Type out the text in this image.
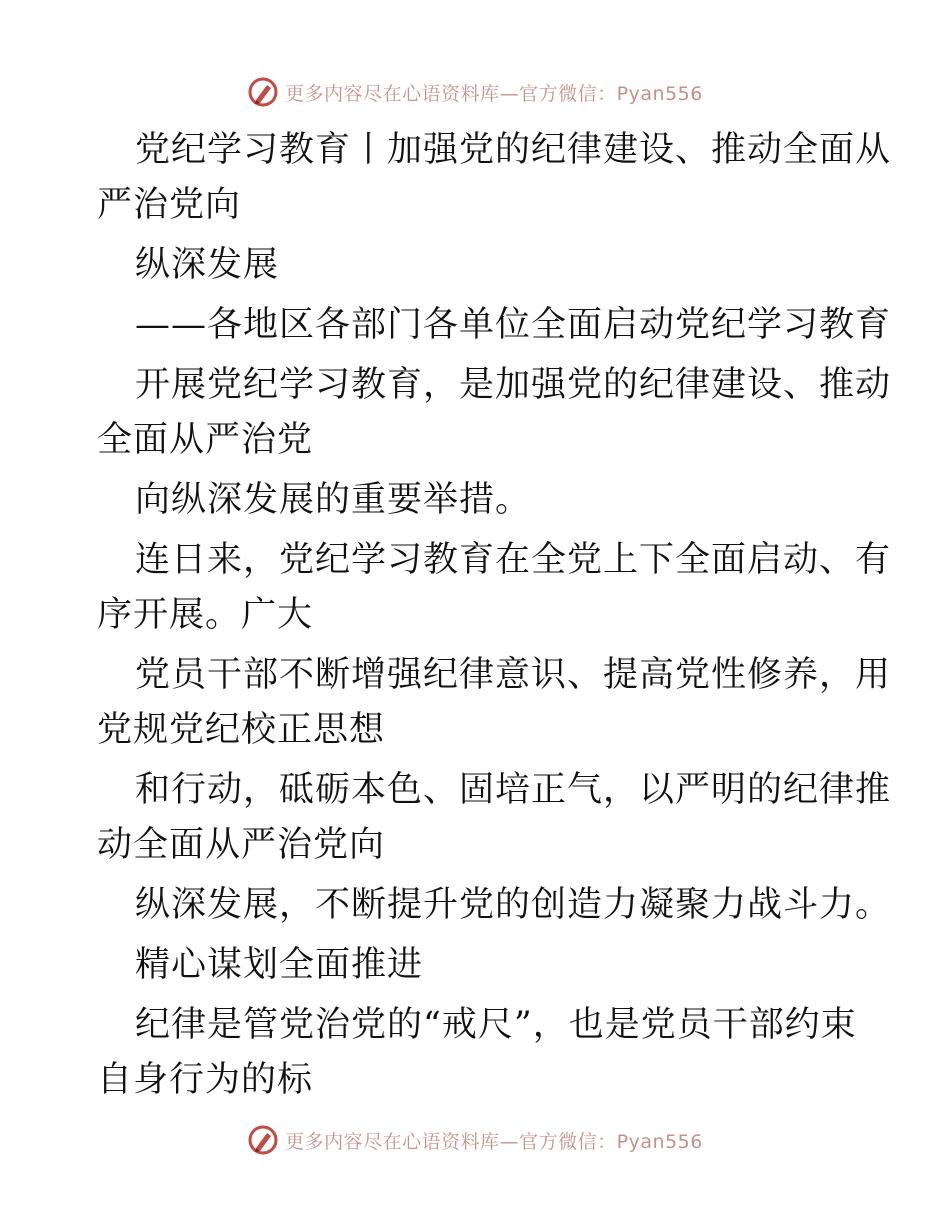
更多内容尽在心语资料库—官方微信：Pyan556
党纪学习教育丨加强党的纪律建设、推动全面从
严治党向
纵深发展
——各地区各部门各单位全面启动党纪学习教育
开展党纪学习教育，是加强党的纪律建设、推动
全面从严治党
向纵深发展的重要举措。
连日来，党纪学习教育在全党上下全面启动、有
序开展。广大
党员干部不断增强纪律意识、提高党性修养，用
党规党纪校正思想
和行动，砥砺本色、固培正气，以严明的纪律推
动全面从严治党向
纵深发展，不断提升党的创造力凝聚力战斗力。
精心谋划全面推进
纪律是管党治党的“戒尺”，也是党员干部约束
自身行为的标
更多内容尽在心语资料库—官方微信：Pyan556
